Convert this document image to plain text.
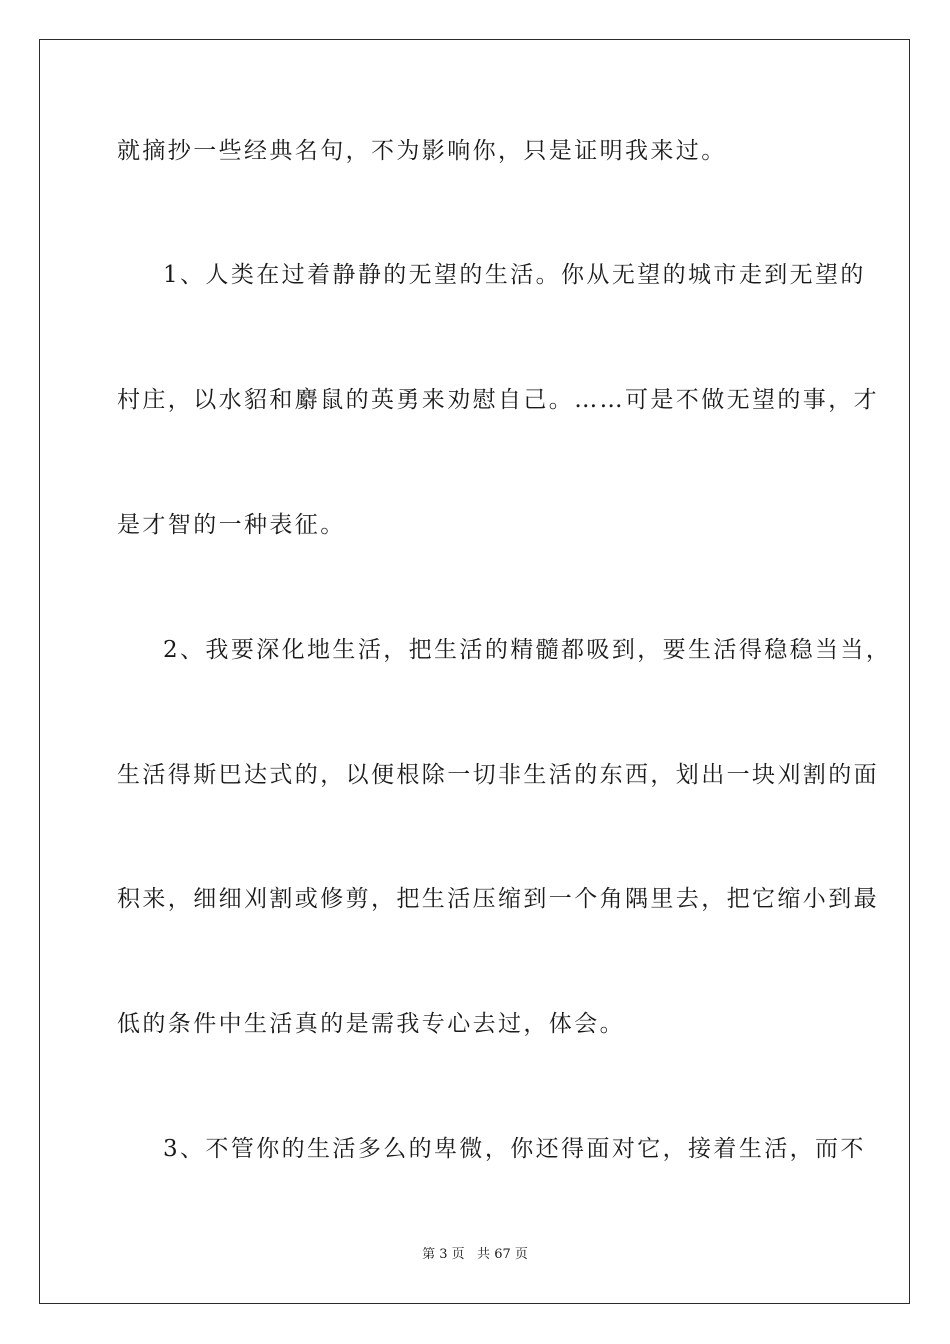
就摘抄一些经典名句，不为影响你，只是证明我来过。
1、人类在过着静静的无望的生活。你从无望的城市走到无望的
村庄，以水貂和麝鼠的英勇来劝慰自己。……可是不做无望的事，才
是才智的一种表征。
2、我要深化地生活，把生活的精髓都吸到，要生活得稳稳当当，
生活得斯巴达式的，以便根除一切非生活的东西，划出一块刈割的面
积来，细细刈割或修剪，把生活压缩到一个角隅里去，把它缩小到最
低的条件中生活真的是需我专心去过，体会。
3、不管你的生活多么的卑微，你还得面对它，接着生活，而不
第 3 页   共 67 页
